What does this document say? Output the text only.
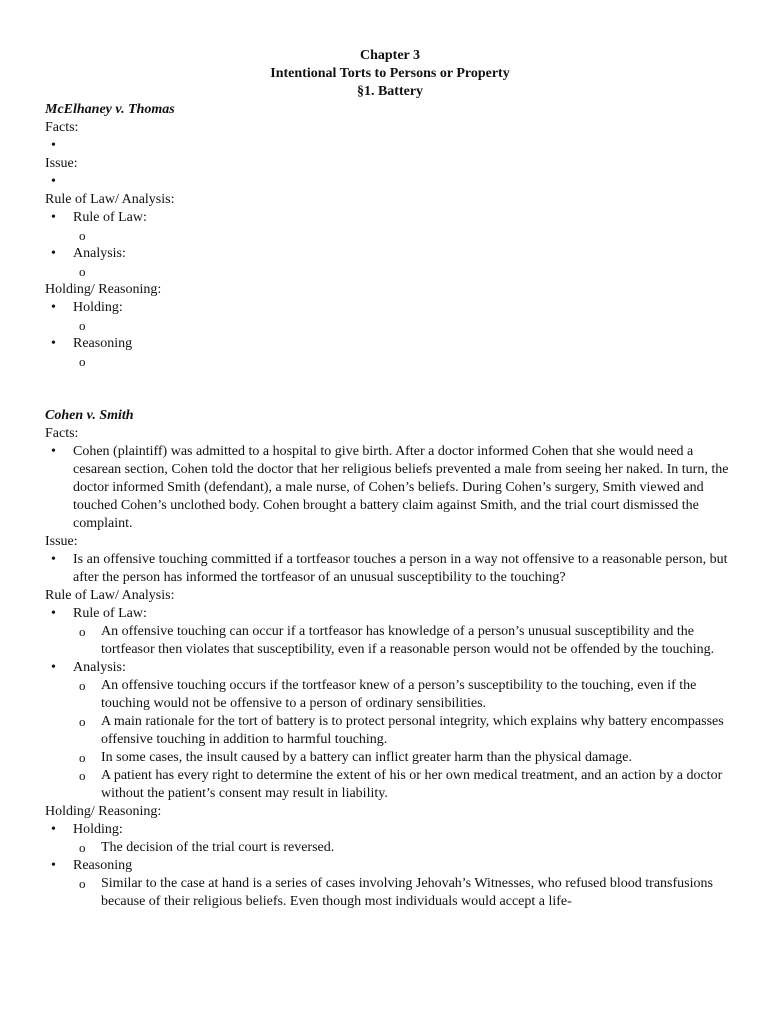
Chapter 3
Intentional Torts to Persons or Property
§1. Battery
McElhaney v. Thomas
Facts:
•
Issue:
•
Rule of Law/ Analysis:
• Rule of Law:
o
• Analysis:
o
Holding/ Reasoning:
• Holding:
o
• Reasoning
o
Cohen v. Smith
Facts:
• Cohen (plaintiff) was admitted to a hospital to give birth. After a doctor informed Cohen that she would need a cesarean section, Cohen told the doctor that her religious beliefs prevented a male from seeing her naked. In turn, the doctor informed Smith (defendant), a male nurse, of Cohen’s beliefs. During Cohen’s surgery, Smith viewed and touched Cohen’s unclothed body. Cohen brought a battery claim against Smith, and the trial court dismissed the complaint.
Issue:
• Is an offensive touching committed if a tortfeasor touches a person in a way not offensive to a reasonable person, but after the person has informed the tortfeasor of an unusual susceptibility to the touching?
Rule of Law/ Analysis:
• Rule of Law:
o An offensive touching can occur if a tortfeasor has knowledge of a person’s unusual susceptibility and the tortfeasor then violates that susceptibility, even if a reasonable person would not be offended by the touching.
• Analysis:
o An offensive touching occurs if the tortfeasor knew of a person’s susceptibility to the touching, even if the touching would not be offensive to a person of ordinary sensibilities.
o A main rationale for the tort of battery is to protect personal integrity, which explains why battery encompasses offensive touching in addition to harmful touching.
o In some cases, the insult caused by a battery can inflict greater harm than the physical damage.
o A patient has every right to determine the extent of his or her own medical treatment, and an action by a doctor without the patient’s consent may result in liability.
Holding/ Reasoning:
• Holding:
o The decision of the trial court is reversed.
• Reasoning
o Similar to the case at hand is a series of cases involving Jehovah’s Witnesses, who refused blood transfusions because of their religious beliefs. Even though most individuals would accept a life-
